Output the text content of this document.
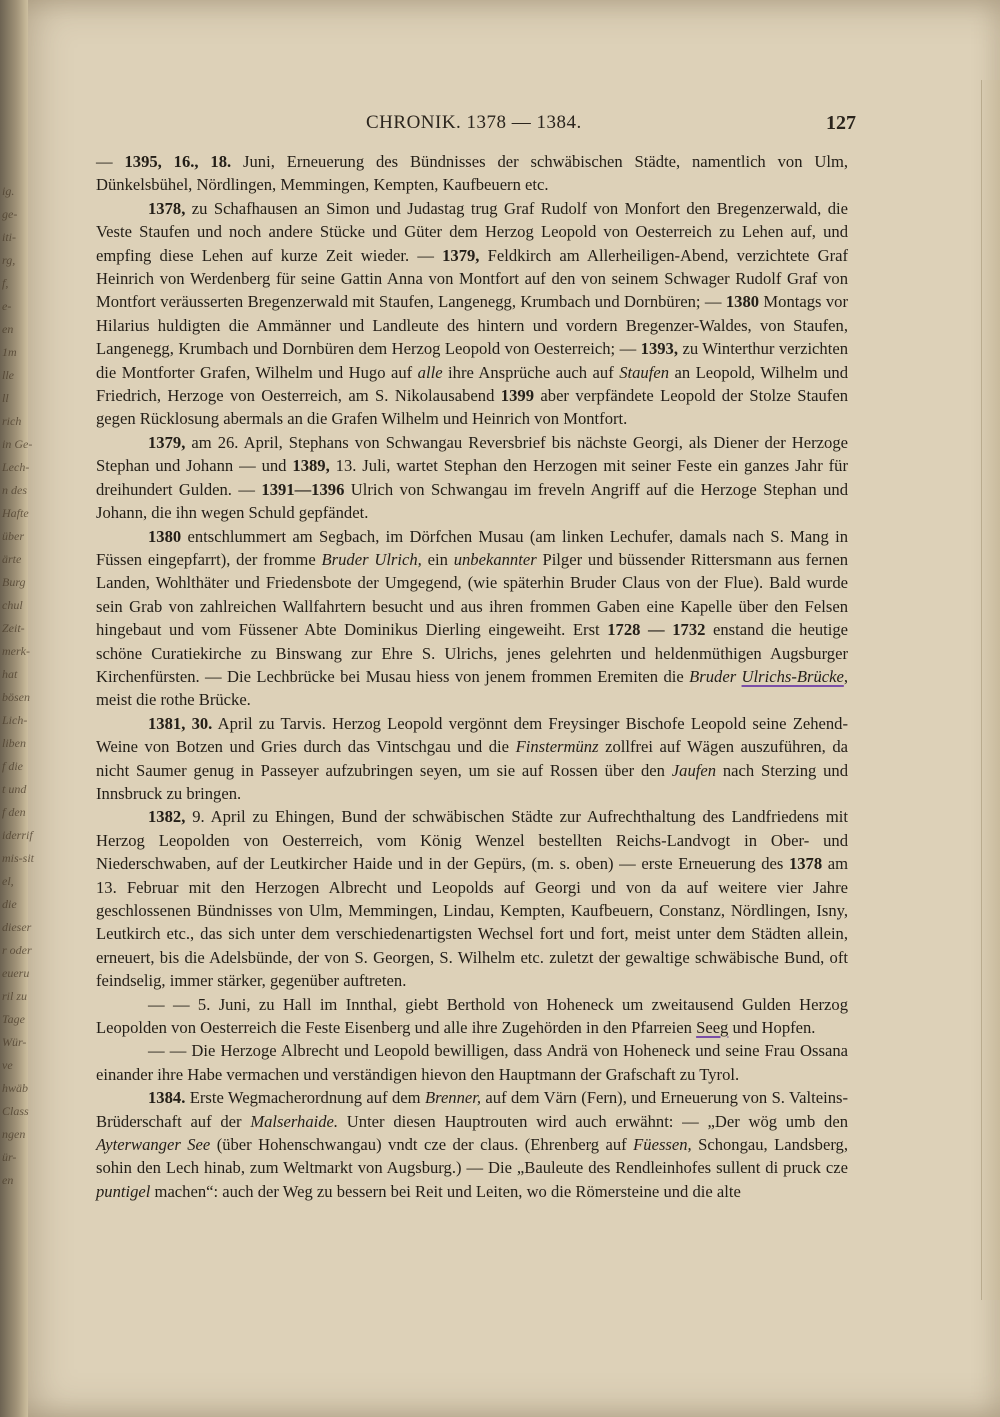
ig.
ge-
iti-
rg,
f,
e-
en
1m
lle
ll
rich
in Ge-
Lech-
n des
Hafte
über
ärte
Burg
chul
Zeit-
merk-
hat
bösen
Lich-
liben
f die
t und
f den
iderrif
mis-sit
el,
die
dieser
r oder
eueru
ril zu
Tage
Wür-
ve
hwäb
Class
ngen
ür-
en
CHRONIK. 1378 — 1384.	127

— 1395, 16., 18. Juni, Erneuerung des Bündnisses der schwäbischen Städte, namentlich von Ulm, Dünkelsbühel, Nördlingen, Memmingen, Kempten, Kaufbeuern etc.

1378, zu Schafhausen an Simon und Judastag trug Graf Rudolf von Monfort den Bregenzerwald, die Veste Staufen und noch andere Stücke und Güter dem Herzog Leopold von Oesterreich zu Lehen auf, und empfing diese Lehen auf kurze Zeit wieder. — 1379, Feldkirch am Allerheiligen-Abend, verzichtete Graf Heinrich von Werdenberg für seine Gattin Anna von Montfort auf den von seinem Schwager Rudolf Graf von Montfort veräusserten Bregenzerwald mit Staufen, Langenegg, Krumbach und Dornbüren; — 1380 Montags vor Hilarius huldigten die Ammänner und Landleute des hintern und vordern Bregenzer-Waldes, von Staufen, Langenegg, Krumbach und Dornbüren dem Herzog Leopold von Oesterreich; — 1393, zu Winterthur verzichten die Montforter Grafen, Wilhelm und Hugo auf alle ihre Ansprüche auch auf Staufen an Leopold, Wilhelm und Friedrich, Herzoge von Oesterreich, am S. Nikolausabend 1399 aber verpfändete Leopold der Stolze Staufen gegen Rücklosung abermals an die Grafen Wilhelm und Heinrich von Montfort.

1379, am 26. April, Stephans von Schwangau Reversbrief bis nächste Georgi, als Diener der Herzoge Stephan und Johann — und 1389, 13. Juli, wartet Stephan den Herzogen mit seiner Feste ein ganzes Jahr für dreihundert Gulden. — 1391—1396 Ulrich von Schwangau im freveln Angriff auf die Herzoge Stephan und Johann, die ihn wegen Schuld gepfändet.

1380 entschlummert am Segbach, im Dörfchen Musau (am linken Lechufer, damals nach S. Mang in Füssen eingepfarrt), der fromme Bruder Ulrich, ein unbekannter Pilger und büssender Rittersmann aus fernen Landen, Wohlthäter und Friedensbote der Umgegend, (wie späterhin Bruder Claus von der Flue). Bald wurde sein Grab von zahlreichen Wallfahrtern besucht und aus ihren frommen Gaben eine Kapelle über den Felsen hingebaut und vom Füssener Abte Dominikus Dierling eingeweiht. Erst 1728 — 1732 enstand die heutige schöne Curatiekirche zu Binswang zur Ehre S. Ulrichs, jenes gelehrten und heldenmüthigen Augsburger Kirchenfürsten. — Die Lechbrücke bei Musau hiess von jenem frommen Eremiten die Bruder Ulrichs-Brücke, meist die rothe Brücke.

1381, 30. April zu Tarvis. Herzog Leopold vergönnt dem Freysinger Bischofe Leopold seine Zehend-Weine von Botzen und Gries durch das Vintschgau und die Finstermünz zollfrei auf Wägen auszuführen, da nicht Saumer genug in Passeyer aufzubringen seyen, um sie auf Rossen über den Jaufen nach Sterzing und Innsbruck zu bringen.

1382, 9. April zu Ehingen, Bund der schwäbischen Städte zur Aufrechthaltung des Landfriedens mit Herzog Leopolden von Oesterreich, vom König Wenzel bestellten Reichs-Landvogt in Ober- und Niederschwaben, auf der Leutkircher Haide und in der Gepürs, (m. s. oben) — erste Erneuerung des 1378 am 13. Februar mit den Herzogen Albrecht und Leopolds auf Georgi und von da auf weitere vier Jahre geschlossenen Bündnisses von Ulm, Memmingen, Lindau, Kempten, Kaufbeuern, Constanz, Nördlingen, Isny, Leutkirch etc., das sich unter dem verschiedenartigsten Wechsel fort und fort, meist unter dem Städten allein, erneuert, bis die Adelsbünde, der von S. Georgen, S. Wilhelm etc. zuletzt der gewaltige schwäbische Bund, oft feindselig, immer stärker, gegenüber auftreten.

— — 5. Juni, zu Hall im Innthal, giebt Berthold von Hoheneck um zweitausend Gulden Herzog Leopolden von Oesterreich die Feste Eisenberg und alle ihre Zugehörden in den Pfarreien Seeg und Hopfen.

— — Die Herzoge Albrecht und Leopold bewilligen, dass Andrä von Hoheneck und seine Frau Ossana einander ihre Habe vermachen und verständigen hievon den Hauptmann der Grafschaft zu Tyrol.

1384. Erste Wegmacherordnung auf dem Brenner, auf dem Värn (Fern), und Erneuerung von S. Valteins-Brüderschaft auf der Malserhaide. Unter diesen Hauptrouten wird auch erwähnt: — „Der wög umb den Ayterwanger See (über Hohenschwangau) vndt cze der claus. (Ehrenberg auf Füessen, Schongau, Landsberg, sohin den Lech hinab, zum Weltmarkt von Augsburg.) — Die „Bauleute des Rendleinhofes sullent di pruck cze puntigel machen“: auch der Weg zu bessern bei Reit und Leiten, wo die Römersteine und die alte
